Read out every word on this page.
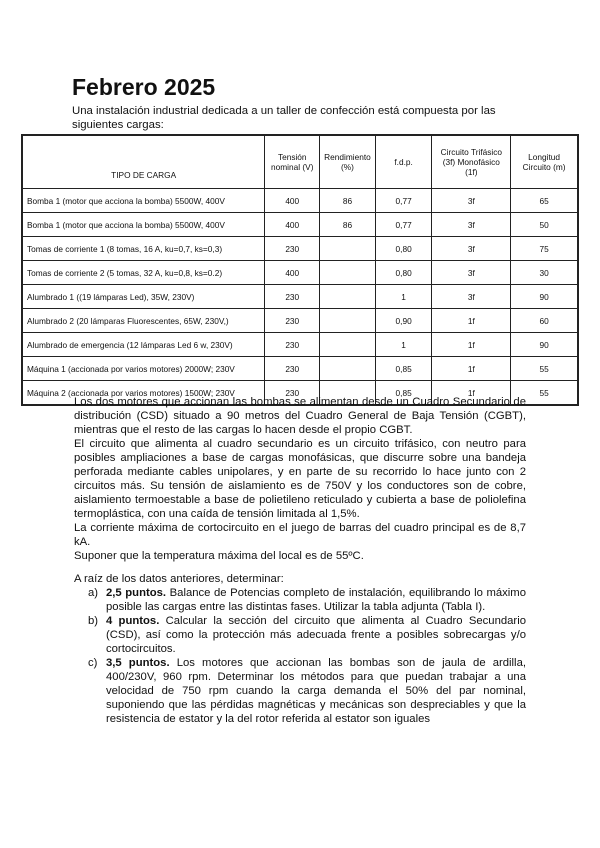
Febrero 2025

Una instalación industrial dedicada a un taller de confección está compuesta por las siguientes cargas:

TIPO DE CARGA	Tensión nominal (V)	Rendimiento (%)	f.d.p.	Circuito Trifásico (3f) Monofásico (1f)	Longitud Circuito (m)
Bomba 1 (motor que acciona la bomba) 5500W, 400V	400	86	0,77	3f	65
Bomba 1 (motor que acciona la bomba) 5500W, 400V	400	86	0,77	3f	50
Tomas de corriente 1 (8 tomas, 16 A, ku=0,7, ks=0,3)	230		0,80	3f	75
Tomas de corriente 2 (5 tomas, 32 A, ku=0,8, ks=0.2)	400		0,80	3f	30
Alumbrado 1 ((19 lámparas Led), 35W, 230V)	230		1	3f	90
Alumbrado 2 (20 lámparas Fluorescentes, 65W, 230V,)	230		0,90	1f	60
Alumbrado de emergencia (12 lámparas Led 6 w, 230V)	230		1	1f	90
Máquina 1 (accionada por varios motores) 2000W; 230V	230		0,85	1f	55
Máquina 2 (accionada por varios motores) 1500W; 230V	230		0,85	1f	55

Los dos motores que accionan las bombas se alimentan desde un Cuadro Secundario de distribución (CSD) situado a 90 metros del Cuadro General de Baja Tensión (CGBT), mientras que el resto de las cargas lo hacen desde el propio CGBT.

El circuito que alimenta al cuadro secundario es un circuito trifásico, con neutro para posibles ampliaciones a base de cargas monofásicas, que discurre sobre una bandeja perforada mediante cables unipolares, y en parte de su recorrido lo hace junto con 2 circuitos más. Su tensión de aislamiento es de 750V y los conductores son de cobre, aislamiento termoestable a base de polietileno reticulado y cubierta a base de poliolefina termoplástica, con una caída de tensión limitada al 1,5%.

La corriente máxima de cortocircuito en el juego de barras del cuadro principal es de 8,7 kA.

Suponer que la temperatura máxima del local es de 55ºC.

A raíz de los datos anteriores, determinar:

a) 2,5 puntos. Balance de Potencias completo de instalación, equilibrando lo máximo posible las cargas entre las distintas fases. Utilizar la tabla adjunta (Tabla I).
b) 4 puntos. Calcular la sección del circuito que alimenta al Cuadro Secundario (CSD), así como la protección más adecuada frente a posibles sobrecargas y/o cortocircuitos.
c) 3,5 puntos. Los motores que accionan las bombas son de jaula de ardilla, 400/230V, 960 rpm. Determinar los métodos para que puedan trabajar a una velocidad de 750 rpm cuando la carga demanda el 50% del par nominal, suponiendo que las pérdidas magnéticas y mecánicas son despreciables y que la resistencia de estator y la del rotor referida al estator son iguales
